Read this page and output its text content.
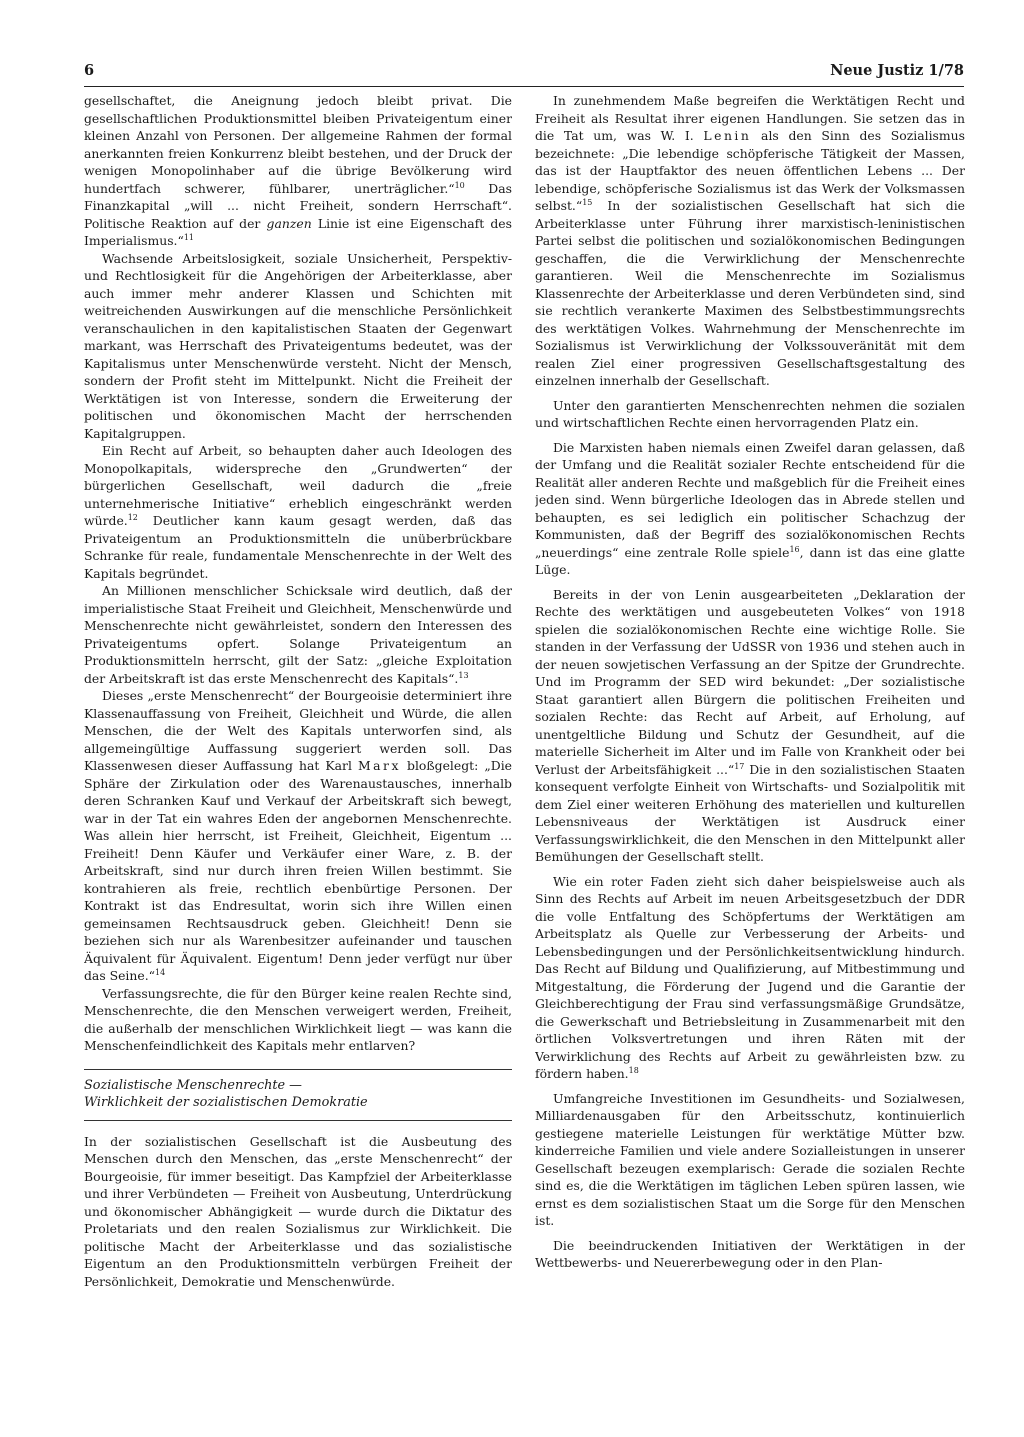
6	Neue Justiz 1/78

gesellschaftet, die Aneignung jedoch bleibt privat. Die gesellschaftlichen Produktionsmittel bleiben Privateigentum einer kleinen Anzahl von Personen. Der allgemeine Rahmen der formal anerkannten freien Konkurrenz bleibt bestehen, und der Druck der wenigen Monopolinhaber auf die übrige Bevölkerung wird hundertfach schwerer, fühlbarer, unerträglicher.“$^{10}$ Das Finanzkapital „will ... nicht Freiheit, sondern Herrschaft“. Politische Reaktion auf der ganzen Linie ist eine Eigenschaft des Imperialismus.“$^{11}$

Wachsende Arbeitslosigkeit, soziale Unsicherheit, Perspektiv- und Rechtlosigkeit für die Angehörigen der Arbeiterklasse, aber auch immer mehr anderer Klassen und Schichten mit weitreichenden Auswirkungen auf die menschliche Persönlichkeit veranschaulichen in den kapitalistischen Staaten der Gegenwart markant, was Herrschaft des Privateigentums bedeutet, was der Kapitalismus unter Menschenwürde versteht. Nicht der Mensch, sondern der Profit steht im Mittelpunkt. Nicht die Freiheit der Werktätigen ist von Interesse, sondern die Erweiterung der politischen und ökonomischen Macht der herrschenden Kapitalgruppen.

Ein Recht auf Arbeit, so behaupten daher auch Ideologen des Monopolkapitals, widerspreche den „Grundwerten“ der bürgerlichen Gesellschaft, weil dadurch die „freie unternehmerische Initiative“ erheblich eingeschränkt werden würde.$^{12}$ Deutlicher kann kaum gesagt werden, daß das Privateigentum an Produktionsmitteln die unüberbrückbare Schranke für reale, fundamentale Menschenrechte in der Welt des Kapitals begründet.

An Millionen menschlicher Schicksale wird deutlich, daß der imperialistische Staat Freiheit und Gleichheit, Menschenwürde und Menschenrechte nicht gewährleistet, sondern den Interessen des Privateigentums opfert. Solange Privateigentum an Produktionsmitteln herrscht, gilt der Satz: „gleiche Exploitation der Arbeitskraft ist das erste Menschenrecht des Kapitals“.$^{13}$

Dieses „erste Menschenrecht“ der Bourgeoisie determiniert ihre Klassenauffassung von Freiheit, Gleichheit und Würde, die allen Menschen, die der Welt des Kapitals unterworfen sind, als allgemeingültige Auffassung suggeriert werden soll. Das Klassenwesen dieser Auffassung hat Karl Marx bloßgelegt: „Die Sphäre der Zirkulation oder des Warenaustausches, innerhalb deren Schranken Kauf und Verkauf der Arbeitskraft sich bewegt, war in der Tat ein wahres Eden der angebornen Menschenrechte. Was allein hier herrscht, ist Freiheit, Gleichheit, Eigentum ... Freiheit! Denn Käufer und Verkäufer einer Ware, z. B. der Arbeitskraft, sind nur durch ihren freien Willen bestimmt. Sie kontrahieren als freie, rechtlich ebenbürtige Personen. Der Kontrakt ist das Endresultat, worin sich ihre Willen einen gemeinsamen Rechtsausdruck geben. Gleichheit! Denn sie beziehen sich nur als Warenbesitzer aufeinander und tauschen Äquivalent für Äquivalent. Eigentum! Denn jeder verfügt nur über das Seine.“$^{14}$

Verfassungsrechte, die für den Bürger keine realen Rechte sind, Menschenrechte, die den Menschen verweigert werden, Freiheit, die außerhalb der menschlichen Wirklichkeit liegt — was kann die Menschenfeindlichkeit des Kapitals mehr entlarven?

Sozialistische Menschenrechte —
Wirklichkeit der sozialistischen Demokratie

In der sozialistischen Gesellschaft ist die Ausbeutung des Menschen durch den Menschen, das „erste Menschenrecht“ der Bourgeoisie, für immer beseitigt. Das Kampfziel der Arbeiterklasse und ihrer Verbündeten — Freiheit von Ausbeutung, Unterdrückung und ökonomischer Abhängigkeit — wurde durch die Diktatur des Proletariats und den realen Sozialismus zur Wirklichkeit. Die politische Macht der Arbeiterklasse und das sozialistische Eigentum an den Produktionsmitteln verbürgen Freiheit der Persönlichkeit, Demokratie und Menschenwürde.

In zunehmendem Maße begreifen die Werktätigen Recht und Freiheit als Resultat ihrer eigenen Handlungen. Sie setzen das in die Tat um, was W. I. Lenin als den Sinn des Sozialismus bezeichnete: „Die lebendige schöpferische Tätigkeit der Massen, das ist der Hauptfaktor des neuen öffentlichen Lebens ... Der lebendige, schöpferische Sozialismus ist das Werk der Volksmassen selbst.“$^{15}$ In der sozialistischen Gesellschaft hat sich die Arbeiterklasse unter Führung ihrer marxistisch-leninistischen Partei selbst die politischen und sozialökonomischen Bedingungen geschaffen, die die Verwirklichung der Menschenrechte garantieren. Weil die Menschenrechte im Sozialismus Klassenrechte der Arbeiterklasse und deren Verbündeten sind, sind sie rechtlich verankerte Maximen des Selbstbestimmungsrechts des werktätigen Volkes. Wahrnehmung der Menschenrechte im Sozialismus ist Verwirklichung der Volkssouveränität mit dem realen Ziel einer progressiven Gesellschaftsgestaltung des einzelnen innerhalb der Gesellschaft.

Unter den garantierten Menschenrechten nehmen die sozialen und wirtschaftlichen Rechte einen hervorragenden Platz ein.

Die Marxisten haben niemals einen Zweifel daran gelassen, daß der Umfang und die Realität sozialer Rechte entscheidend für die Realität aller anderen Rechte und maßgeblich für die Freiheit eines jeden sind. Wenn bürgerliche Ideologen das in Abrede stellen und behaupten, es sei lediglich ein politischer Schachzug der Kommunisten, daß der Begriff des sozialökonomischen Rechts „neuerdings“ eine zentrale Rolle spiele$^{16}$, dann ist das eine glatte Lüge.

Bereits in der von Lenin ausgearbeiteten „Deklaration der Rechte des werktätigen und ausgebeuteten Volkes“ von 1918 spielen die sozialökonomischen Rechte eine wichtige Rolle. Sie standen in der Verfassung der UdSSR von 1936 und stehen auch in der neuen sowjetischen Verfassung an der Spitze der Grundrechte. Und im Programm der SED wird bekundet: „Der sozialistische Staat garantiert allen Bürgern die politischen Freiheiten und sozialen Rechte: das Recht auf Arbeit, auf Erholung, auf unentgeltliche Bildung und Schutz der Gesundheit, auf die materielle Sicherheit im Alter und im Falle von Krankheit oder bei Verlust der Arbeitsfähigkeit ...“$^{17}$ Die in den sozialistischen Staaten konsequent verfolgte Einheit von Wirtschafts- und Sozialpolitik mit dem Ziel einer weiteren Erhöhung des materiellen und kulturellen Lebensniveaus der Werktätigen ist Ausdruck einer Verfassungswirklichkeit, die den Menschen in den Mittelpunkt aller Bemühungen der Gesellschaft stellt.

Wie ein roter Faden zieht sich daher beispielsweise auch als Sinn des Rechts auf Arbeit im neuen Arbeitsgesetzbuch der DDR die volle Entfaltung des Schöpfertums der Werktätigen am Arbeitsplatz als Quelle zur Verbesserung der Arbeits- und Lebensbedingungen und der Persönlichkeitsentwicklung hindurch. Das Recht auf Bildung und Qualifizierung, auf Mitbestimmung und Mitgestaltung, die Förderung der Jugend und die Garantie der Gleichberechtigung der Frau sind verfassungsmäßige Grundsätze, die Gewerkschaft und Betriebsleitung in Zusammenarbeit mit den örtlichen Volksvertretungen und ihren Räten mit der Verwirklichung des Rechts auf Arbeit zu gewährleisten bzw. zu fördern haben.$^{18}$

Umfangreiche Investitionen im Gesundheits- und Sozialwesen, Milliardenausgaben für den Arbeitsschutz, kontinuierlich gestiegene materielle Leistungen für werktätige Mütter bzw. kinderreiche Familien und viele andere Sozialleistungen in unserer Gesellschaft bezeugen exemplarisch: Gerade die sozialen Rechte sind es, die die Werktätigen im täglichen Leben spüren lassen, wie ernst es dem sozialistischen Staat um die Sorge für den Menschen ist.

Die beeindruckenden Initiativen der Werktätigen in der Wettbewerbs- und Neuererbewegung oder in den Plan-
